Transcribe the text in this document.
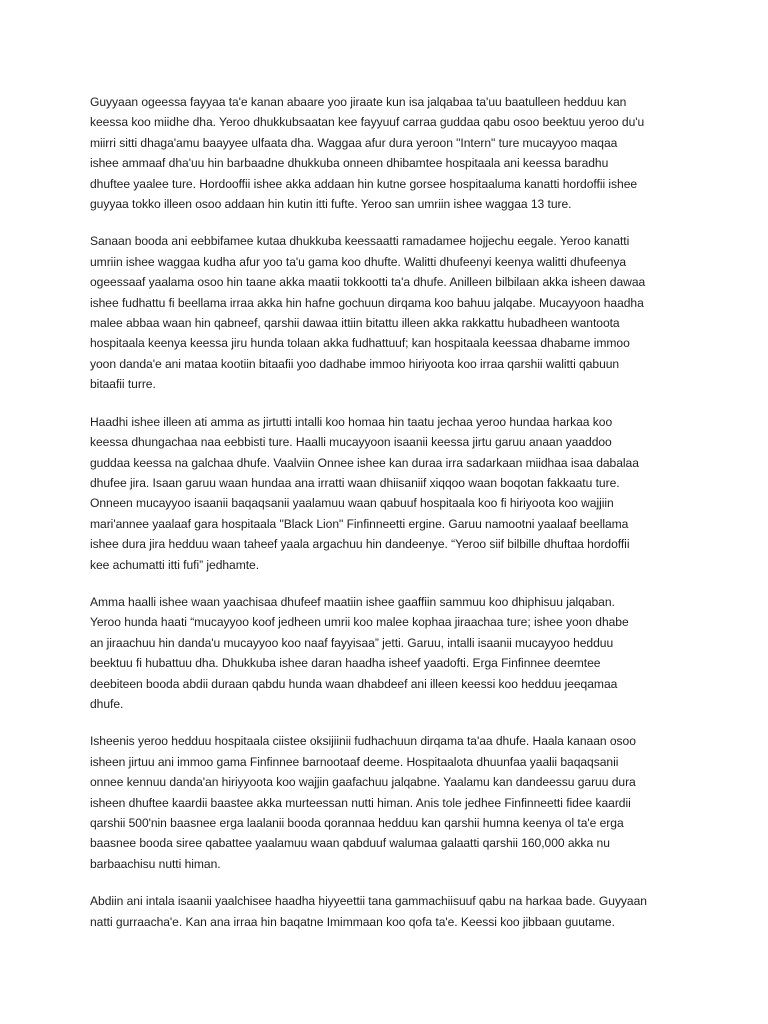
Guyyaan ogeessa fayyaa ta'e kanan abaare yoo jiraate kun isa jalqabaa ta'uu baatulleen hedduu kan
keessa koo miidhe dha. Yeroo dhukkubsaatan kee fayyuuf carraa guddaa qabu osoo beektuu yeroo du'u
miirri sitti dhaga'amu baayyee ulfaata dha. Waggaa afur dura yeroon "Intern" ture mucayyoo maqaa
ishee ammaaf dha'uu hin barbaadne dhukkuba onneen dhibamtee hospitaala ani keessa baradhu
dhuftee yaalee ture. Hordooffii ishee akka addaan hin kutne gorsee hospitaaluma kanatti hordoffii ishee
guyyaa tokko illeen osoo addaan hin kutin itti fufte. Yeroo san umriin ishee waggaa 13 ture.

Sanaan booda ani eebbifamee kutaa dhukkuba keessaatti ramadamee hojjechu eegale. Yeroo kanatti
umriin ishee waggaa kudha afur yoo ta'u gama koo dhufte. Walitti dhufeenyi keenya walitti dhufeenya
ogeessaaf yaalama osoo hin taane akka maatii tokkootti ta'a dhufe. Anilleen bilbilaan akka isheen dawaa
ishee fudhattu fi beellama irraa akka hin hafne gochuun dirqama koo bahuu jalqabe. Mucayyoon haadha
malee abbaa waan hin qabneef, qarshii dawaa ittiin bitattu illeen akka rakkattu hubadheen wantoota
hospitaala keenya keessa jiru hunda tolaan akka fudhattuuf; kan hospitaala keessaa dhabame immoo
yoon danda'e ani mataa kootiin bitaafii yoo dadhabe immoo hiriyoota koo irraa qarshii walitti qabuun
bitaafii turre.

Haadhi ishee illeen ati amma as jirtutti intalli koo homaa hin taatu jechaa yeroo hundaa harkaa koo
keessa dhungachaa naa eebbisti ture. Haalli mucayyoon isaanii keessa jirtu garuu anaan yaaddoo
guddaa keessa na galchaa dhufe. Vaalviin Onnee ishee kan duraa irra sadarkaan miidhaa isaa dabalaa
dhufee jira. Isaan garuu waan hundaa ana irratti waan dhiisaniif xiqqoo waan boqotan fakkaatu ture.
Onneen mucayyoo isaanii baqaqsanii yaalamuu waan qabuuf hospitaala koo fi hiriyoota koo wajjiin
mari'annee yaalaaf gara hospitaala "Black Lion" Finfinneetti ergine. Garuu namootni yaalaaf beellama
ishee dura jira hedduu waan taheef yaala argachuu hin dandeenye. “Yeroo siif bilbille dhuftaa hordoffii
kee achumatti itti fufi” jedhamte.

Amma haalli ishee waan yaachisaa dhufeef maatiin ishee gaaffiin sammuu koo dhiphisuu jalqaban.
Yeroo hunda haati “mucayyoo koof jedheen umrii koo malee kophaa jiraachaa ture; ishee yoon dhabe
an jiraachuu hin danda'u mucayyoo koo naaf fayyisaa” jetti. Garuu, intalli isaanii mucayyoo hedduu
beektuu fi hubattuu dha. Dhukkuba ishee daran haadha isheef yaadofti. Erga Finfinnee deemtee
deebiteen booda abdii duraan qabdu hunda waan dhabdeef ani illeen keessi koo hedduu jeeqamaa
dhufe.

Isheenis yeroo hedduu hospitaala ciistee oksijiinii fudhachuun dirqama ta'aa dhufe. Haala kanaan osoo
isheen jirtuu ani immoo gama Finfinnee barnootaaf deeme. Hospitaalota dhuunfaa yaalii baqaqsanii
onnee kennuu danda'an hiriyyoota koo wajjin gaafachuu jalqabne. Yaalamu kan dandeessu garuu dura
isheen dhuftee kaardii baastee akka murteessan nutti himan. Anis tole jedhee Finfinneetti fidee kaardii
qarshii 500'nin baasnee erga laalanii booda qorannaa hedduu kan qarshii humna keenya ol ta'e erga
baasnee booda siree qabattee yaalamuu waan qabduuf walumaa galaatti qarshii 160,000 akka nu
barbaachisu nutti himan.

Abdiin ani intala isaanii yaalchisee haadha hiyyeettii tana gammachiisuuf qabu na harkaa bade. Guyyaan
natti gurraacha'e. Kan ana irraa hin baqatne Imimmaan koo qofa ta'e. Keessi koo jibbaan guutame.
